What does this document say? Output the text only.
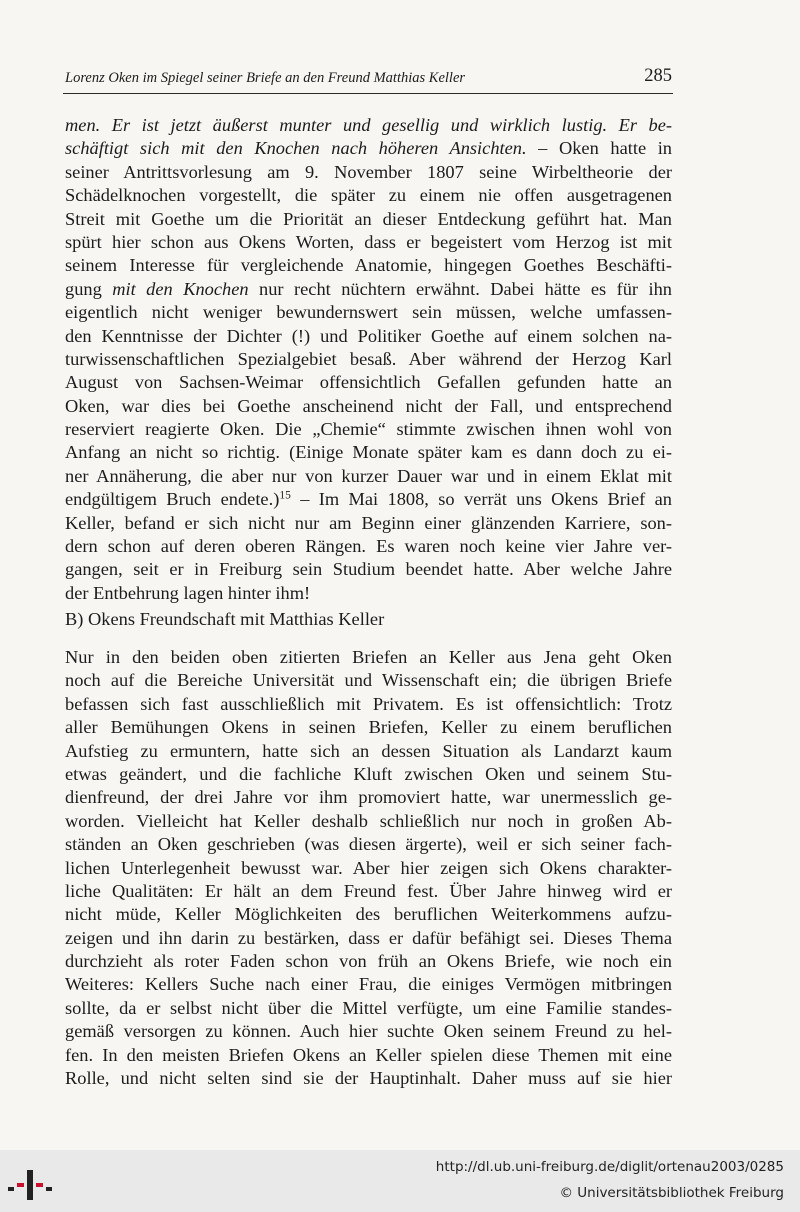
Lorenz Oken im Spiegel seiner Briefe an den Freund Matthias Keller	285
men. Er ist jetzt äußerst munter und gesellig und wirklich lustig. Er be-
schäftigt sich mit den Knochen nach höheren Ansichten. – Oken hatte in
seiner Antrittsvorlesung am 9. November 1807 seine Wirbeltheorie der
Schädelknochen vorgestellt, die später zu einem nie offen ausgetragenen
Streit mit Goethe um die Priorität an dieser Entdeckung geführt hat. Man
spürt hier schon aus Okens Worten, dass er begeistert vom Herzog ist mit
seinem Interesse für vergleichende Anatomie, hingegen Goethes Beschäfti-
gung mit den Knochen nur recht nüchtern erwähnt. Dabei hätte es für ihn
eigentlich nicht weniger bewundernswert sein müssen, welche umfassen-
den Kenntnisse der Dichter (!) und Politiker Goethe auf einem solchen na-
turwissenschaftlichen Spezialgebiet besaß. Aber während der Herzog Karl
August von Sachsen-Weimar offensichtlich Gefallen gefunden hatte an
Oken, war dies bei Goethe anscheinend nicht der Fall, und entsprechend
reserviert reagierte Oken. Die „Chemie“ stimmte zwischen ihnen wohl von
Anfang an nicht so richtig. (Einige Monate später kam es dann doch zu ei-
ner Annäherung, die aber nur von kurzer Dauer war und in einem Eklat mit
endgültigem Bruch endete.)$^{15}$ – Im Mai 1808, so verrät uns Okens Brief an
Keller, befand er sich nicht nur am Beginn einer glänzenden Karriere, son-
dern schon auf deren oberen Rängen. Es waren noch keine vier Jahre ver-
gangen, seit er in Freiburg sein Studium beendet hatte. Aber welche Jahre
der Entbehrung lagen hinter ihm!
B) Okens Freundschaft mit Matthias Keller
Nur in den beiden oben zitierten Briefen an Keller aus Jena geht Oken
noch auf die Bereiche Universität und Wissenschaft ein; die übrigen Briefe
befassen sich fast ausschließlich mit Privatem. Es ist offensichtlich: Trotz
aller Bemühungen Okens in seinen Briefen, Keller zu einem beruflichen
Aufstieg zu ermuntern, hatte sich an dessen Situation als Landarzt kaum
etwas geändert, und die fachliche Kluft zwischen Oken und seinem Stu-
dienfreund, der drei Jahre vor ihm promoviert hatte, war unermesslich ge-
worden. Vielleicht hat Keller deshalb schließlich nur noch in großen Ab-
ständen an Oken geschrieben (was diesen ärgerte), weil er sich seiner fach-
lichen Unterlegenheit bewusst war. Aber hier zeigen sich Okens charakter-
liche Qualitäten: Er hält an dem Freund fest. Über Jahre hinweg wird er
nicht müde, Keller Möglichkeiten des beruflichen Weiterkommens aufzu-
zeigen und ihn darin zu bestärken, dass er dafür befähigt sei. Dieses Thema
durchzieht als roter Faden schon von früh an Okens Briefe, wie noch ein
Weiteres: Kellers Suche nach einer Frau, die einiges Vermögen mitbringen
sollte, da er selbst nicht über die Mittel verfügte, um eine Familie standes-
gemäß versorgen zu können. Auch hier suchte Oken seinem Freund zu hel-
fen. In den meisten Briefen Okens an Keller spielen diese Themen mit eine
Rolle, und nicht selten sind sie der Hauptinhalt. Daher muss auf sie hier
http://dl.ub.uni-freiburg.de/diglit/ortenau2003/0285
© Universitätsbibliothek Freiburg
